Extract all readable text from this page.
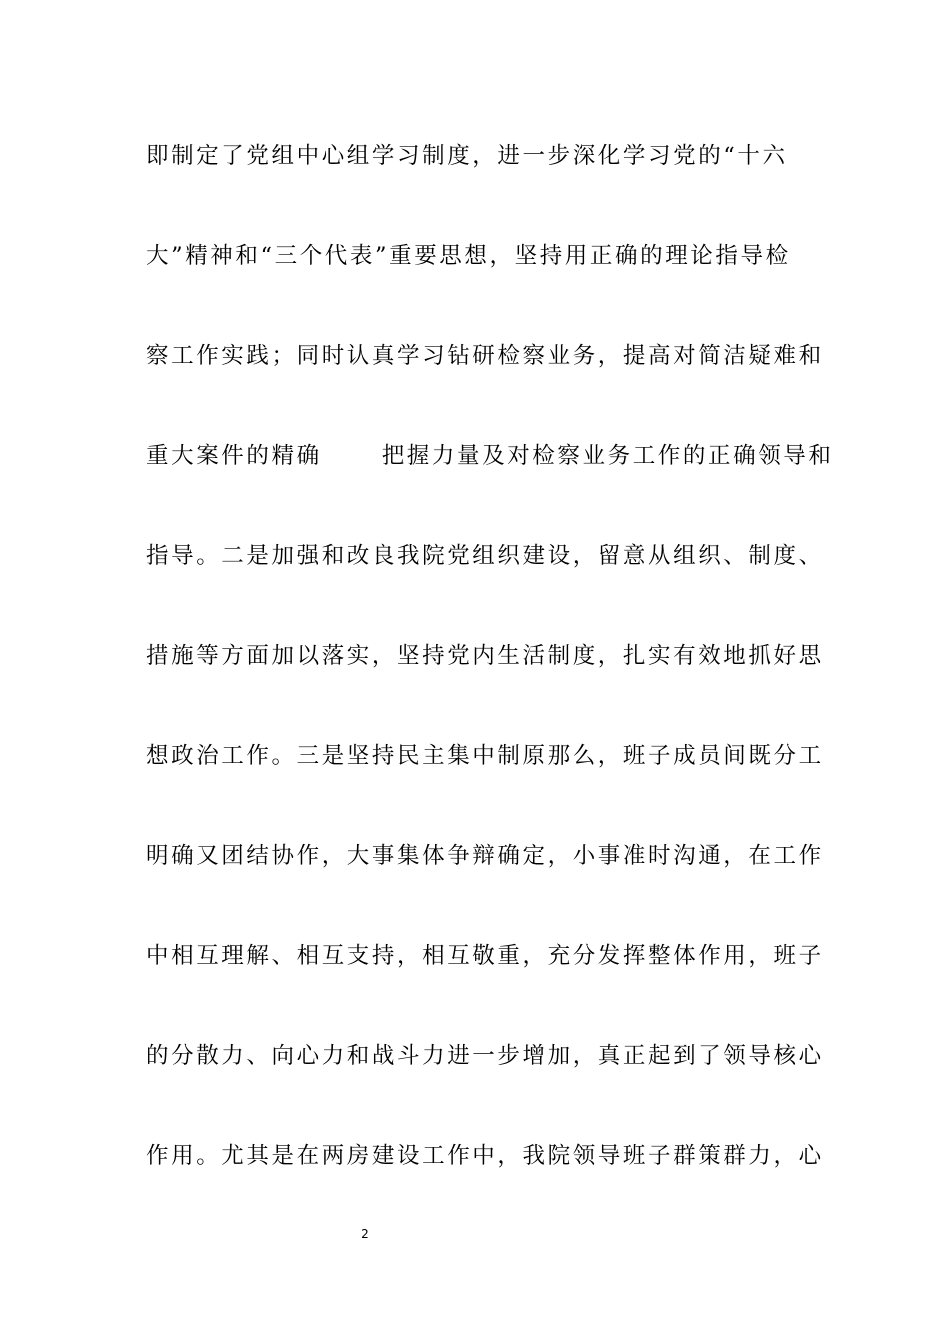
即制定了党组中心组学习制度，进一步深化学习党的“十六
大”精神和“三个代表”重要思想，坚持用正确的理论指导检
察工作实践；同时认真学习钻研检察业务，提高对简洁疑难和
重大案件的精确	把握力量及对检察业务工作的正确领导和
指导。二是加强和改良我院党组织建设，留意从组织、制度、
措施等方面加以落实，坚持党内生活制度，扎实有效地抓好思
想政治工作。三是坚持民主集中制原那么，班子成员间既分工
明确又团结协作，大事集体争辩确定，小事准时沟通，在工作
中相互理解、相互支持，相互敬重，充分发挥整体作用，班子
的分散力、向心力和战斗力进一步增加，真正起到了领导核心
作用。尤其是在两房建设工作中，我院领导班子群策群力，心
2
